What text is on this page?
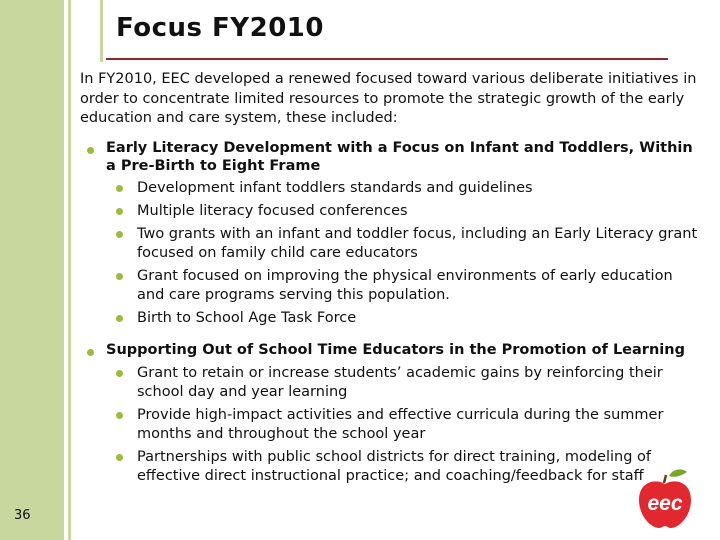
Focus FY2010

In FY2010, EEC developed a renewed focused toward various deliberate initiatives in order to concentrate limited resources to promote the strategic growth of the early education and care system, these included:

Early Literacy Development with a Focus on Infant and Toddlers, Within a Pre-Birth to Eight Frame
Development infant toddlers standards and guidelines
Multiple literacy focused conferences
Two grants with an infant and toddler focus, including an Early Literacy grant focused on family child care educators
Grant focused on improving the physical environments of early education and care programs serving this population.
Birth to School Age Task Force
Supporting Out of School Time Educators in the Promotion of Learning
Grant to retain or increase students’ academic gains by reinforcing their school day and year learning
Provide high-impact activities and effective curricula during the summer months and throughout the school year
Partnerships with public school districts for direct training, modeling of effective direct instructional practice; and coaching/feedback for staff
36
eec
